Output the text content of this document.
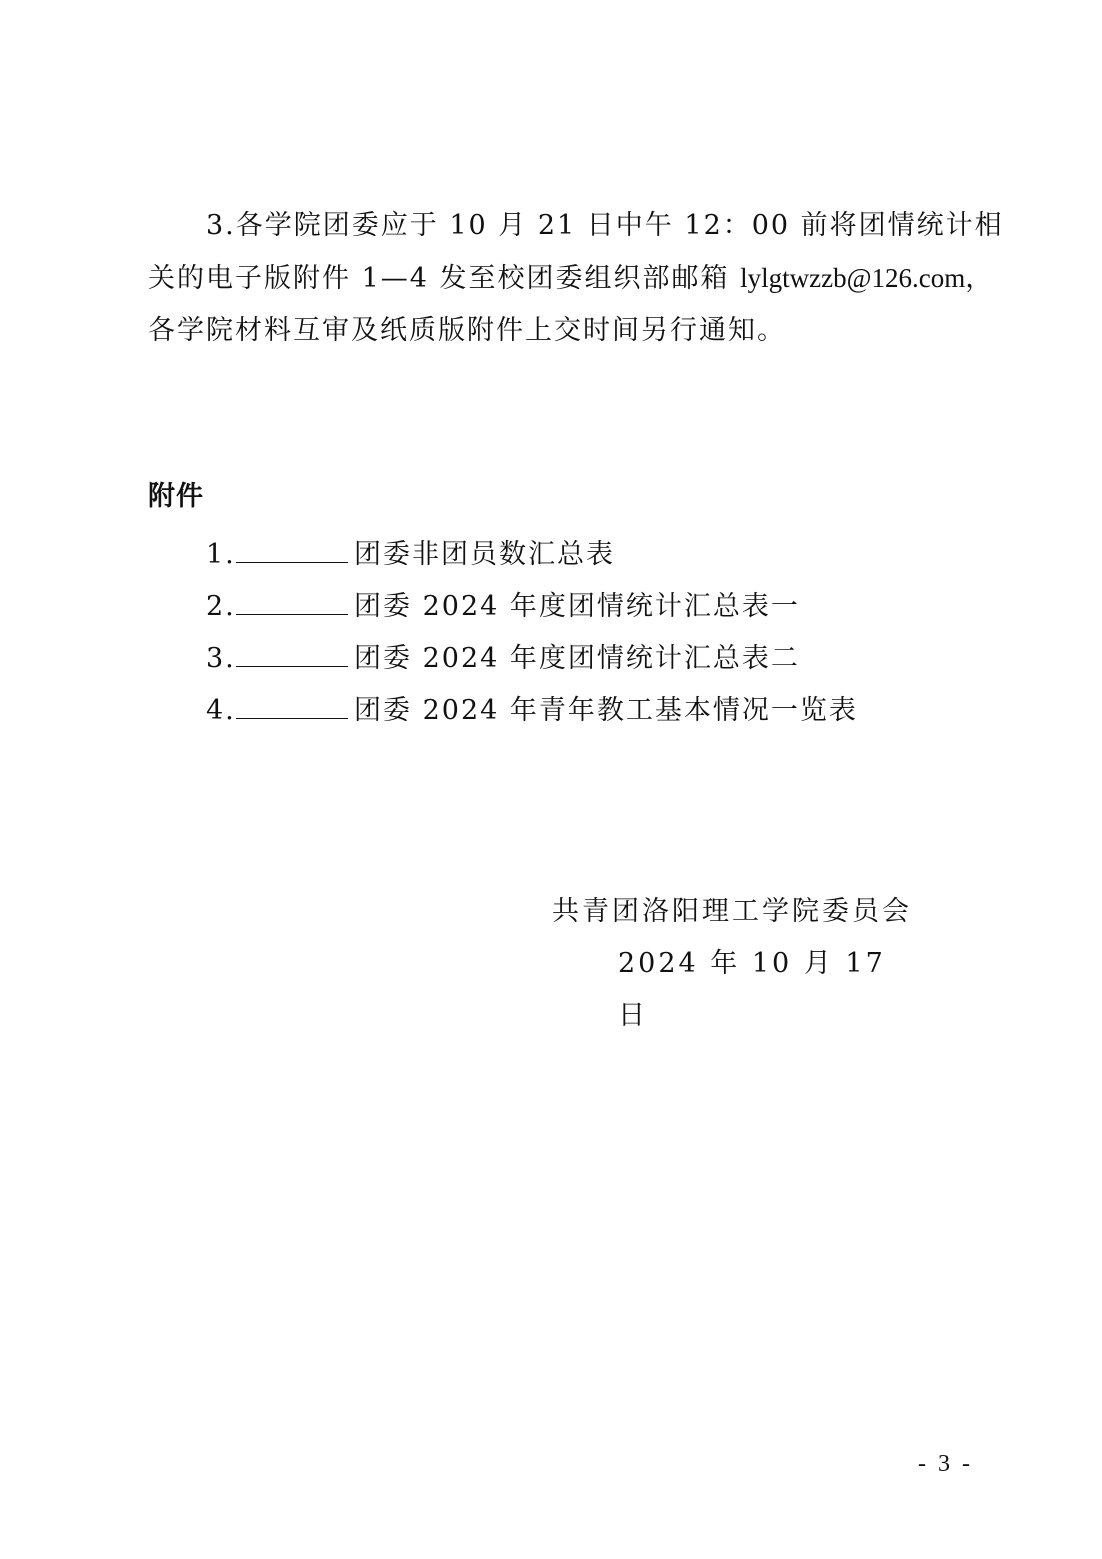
3.各学院团委应于 10 月 21 日中午 12：00 前将团情统计相
关的电子版附件 1—4 发至校团委组织部邮箱 lylgtwzzb@126.com，
各学院材料互审及纸质版附件上交时间另行通知。
附件
1.	团委非团员数汇总表
2.	团委 2024 年度团情统计汇总表一
3.	团委 2024 年度团情统计汇总表二
4.	团委 2024 年青年教工基本情况一览表
共青团洛阳理工学院委员会
2024 年 10 月 17 日
- 3 -
